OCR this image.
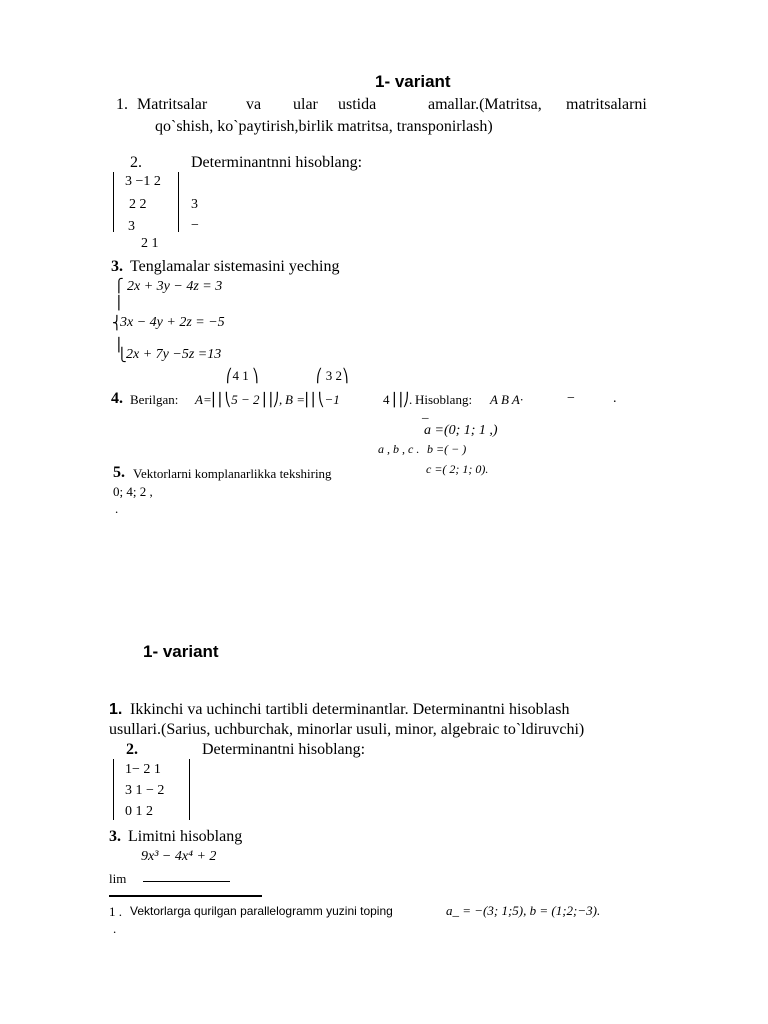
1- variant
1. Matritsalar va ular ustida	amallar.(Matritsa, matritsalarni
qo`shish, ko`paytirish,birlik matritsa, transponirlash)
2.	Determinantnni hisoblang:
3 −1 2
2 2	3
3	−
2 1
3. Tenglamalar sistemasini yeching
⎧
⎪
⎨
⎪
⎩
2x + 3y − 4z = 3
3x − 4y + 2z = −5
2x + 7y −5z =13
⎛4 1 ⎞	⎛ 3 2⎞
4. Berilgan: A=⎜⎜⎝5 − 2⎟⎟⎠, B =⎜⎜⎝−1	4⎟⎟⎠. Hisoblang: A B A·	−	.
_
a =(0; 1; 1 ,)
a , b , c . b =( − )
c =( 2; 1; 0).
5. Vektorlarni komplanarlikka tekshiring
0; 4; 2 ,
.
1- variant
1. Ikkinchi va uchinchi tartibli determinantlar. Determinantni hisoblash
usullari.(Sarius, uchburchak, minorlar usuli, minor, algebraic to`ldiruvchi)
2.	Determinantni hisoblang:
1− 2 1
3 1 − 2
0 1 2
3. Limitni hisoblang
9x³ − 4x⁴ + 2
lim
1 . Vektorlarga qurilgan parallelogramm yuzini toping	a_ = −(3; 1;5), b = (1;2;−3).
.
